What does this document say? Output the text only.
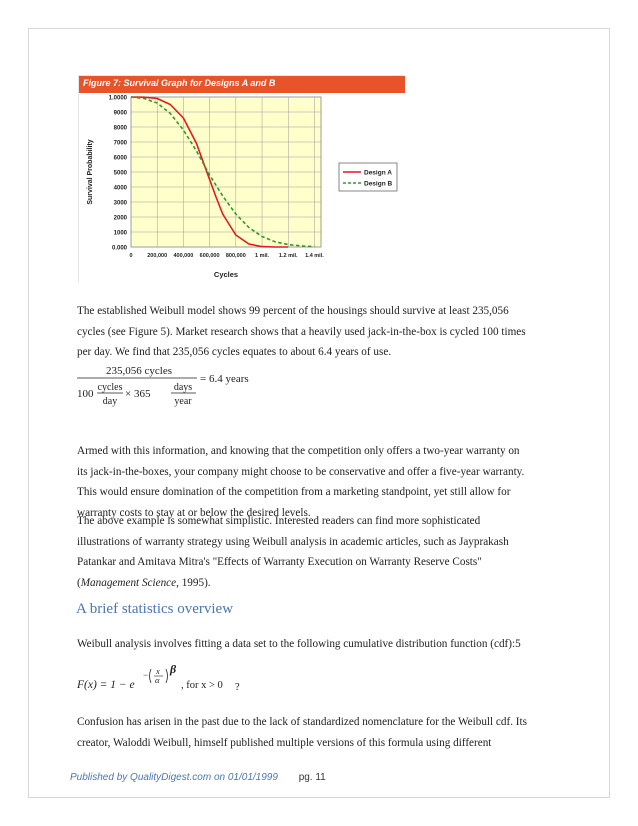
Figure 7: Survival Graph for Designs A and B
0.000
1000
2000
3000
4000
5000
6000
7000
8000
9000
1.0000
0	200,000 400,000 600,000 800,000 1 mil. 1.2 mil. 1.4 mil.
Survival Probability
Cycles
Design A
Design B
The established Weibull model shows 99 percent of the housings should survive at least 235,056
cycles (see Figure 5). Market research shows that a heavily used jack-in-the-box is cycled 100 times
per day. We find that 235,056 cycles equates to about 6.4 years of use.
235,056 cycles
100
cycles
day
× 365
days
year
= 6.4 years
Armed with this information, and knowing that the competition only offers a two-year warranty on
its jack-in-the-boxes, your company might choose to be conservative and offer a five-year warranty.
This would ensure domination of the competition from a marketing standpoint, yet still allow for
warranty costs to stay at or below the desired levels.
The above example is somewhat simplistic. Interested readers can find more sophisticated
illustrations of warranty strategy using Weibull analysis in academic articles, such as Jayprakash
Patankar and Amitava Mitra's "Effects of Warranty Execution on Warranty Reserve Costs"
(Management Science, 1995).
A brief statistics overview
Weibull analysis involves fitting a data set to the following cumulative distribution function (cdf):5
F(x) = 1 − e
− x
α
β
, for x > 0 ?
Confusion has arisen in the past due to the lack of standardized nomenclature for the Weibull cdf. Its
creator, Waloddi Weibull, himself published multiple versions of this formula using different
Published by QualityDigest.com on 01/01/1999 pg. 11
